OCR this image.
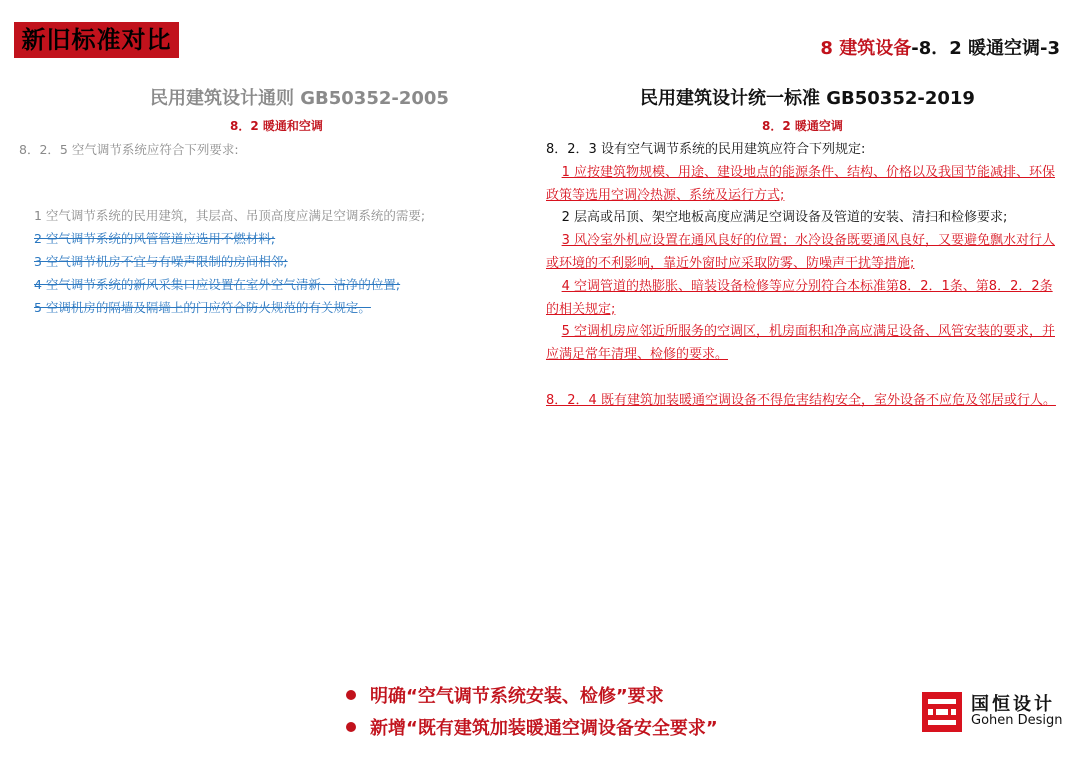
新旧标准对比	8 建筑设备-8．2 暖通空调-3
民用建筑设计通则 GB50352-2005	民用建筑设计统一标准 GB50352-2019
8．2 暖通和空调	8．2 暖通空调
8．2．5 空气调节系统应符合下列要求:
1 空气调节系统的民用建筑，其层高、吊顶高度应满足空调系统的需要;
2 空气调节系统的风管管道应选用不燃材料;
3 空气调节机房不宜与有噪声限制的房间相邻;
4 空气调节系统的新风采集口应设置在室外空气清新、洁净的位置;
5 空调机房的隔墙及隔墙上的门应符合防火规范的有关规定。

8．2．3 设有空气调节系统的民用建筑应符合下列规定:

1 应按建筑物规模、用途、建设地点的能源条件、结构、价格以及我国节能减排、环保政策等选用空调冷热源、系统及运行方式;

2 层高或吊顶、架空地板高度应满足空调设备及管道的安装、清扫和检修要求;

3 风冷室外机应设置在通风良好的位置；水冷设备既要通风良好，又要避免飘水对行人或环境的不利影响，靠近外窗时应采取防雾、防噪声干扰等措施;

4 空调管道的热膨胀、暗装设备检修等应分别符合本标准第8．2．1条、第8．2．2条的相关规定;

5 空调机房应邻近所服务的空调区，机房面积和净高应满足设备、风管安装的要求，并应满足常年清理、检修的要求。

8．2．4 既有建筑加装暖通空调设备不得危害结构安全，室外设备不应危及邻居或行人。

明确“空气调节系统安装、检修”要求
新增“既有建筑加装暖通空调设备安全要求”
国恒设计
Gohen Design
